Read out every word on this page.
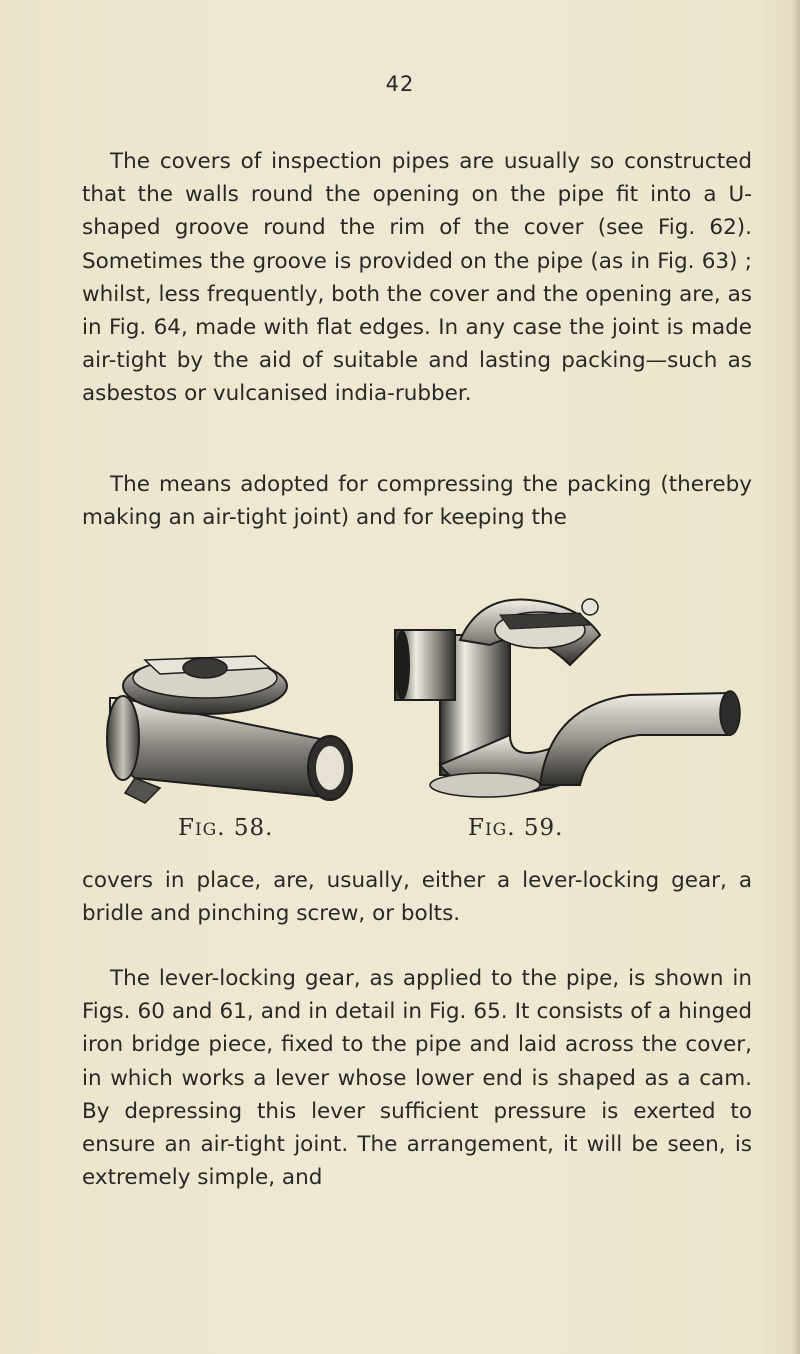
42

The covers of inspection pipes are usually so constructed that the walls round the opening on the pipe fit into a U-shaped groove round the rim of the cover (see Fig. 62). Sometimes the groove is provided on the pipe (as in Fig. 63) ; whilst, less frequently, both the cover and the opening are, as in Fig. 64, made with flat edges. In any case the joint is made air-tight by the aid of suitable and lasting packing—such as asbestos or vulcanised india-rubber.

The means adopted for compressing the packing (thereby making an air-tight joint) and for keeping the

FIG. 58.	FIG. 59.

covers in place, are, usually, either a lever-locking gear, a bridle and pinching screw, or bolts.

The lever-locking gear, as applied to the pipe, is shown in Figs. 60 and 61, and in detail in Fig. 65. It consists of a hinged iron bridge piece, fixed to the pipe and laid across the cover, in which works a lever whose lower end is shaped as a cam. By depressing this lever sufficient pressure is exerted to ensure an air-tight joint. The arrangement, it will be seen, is extremely simple, and
